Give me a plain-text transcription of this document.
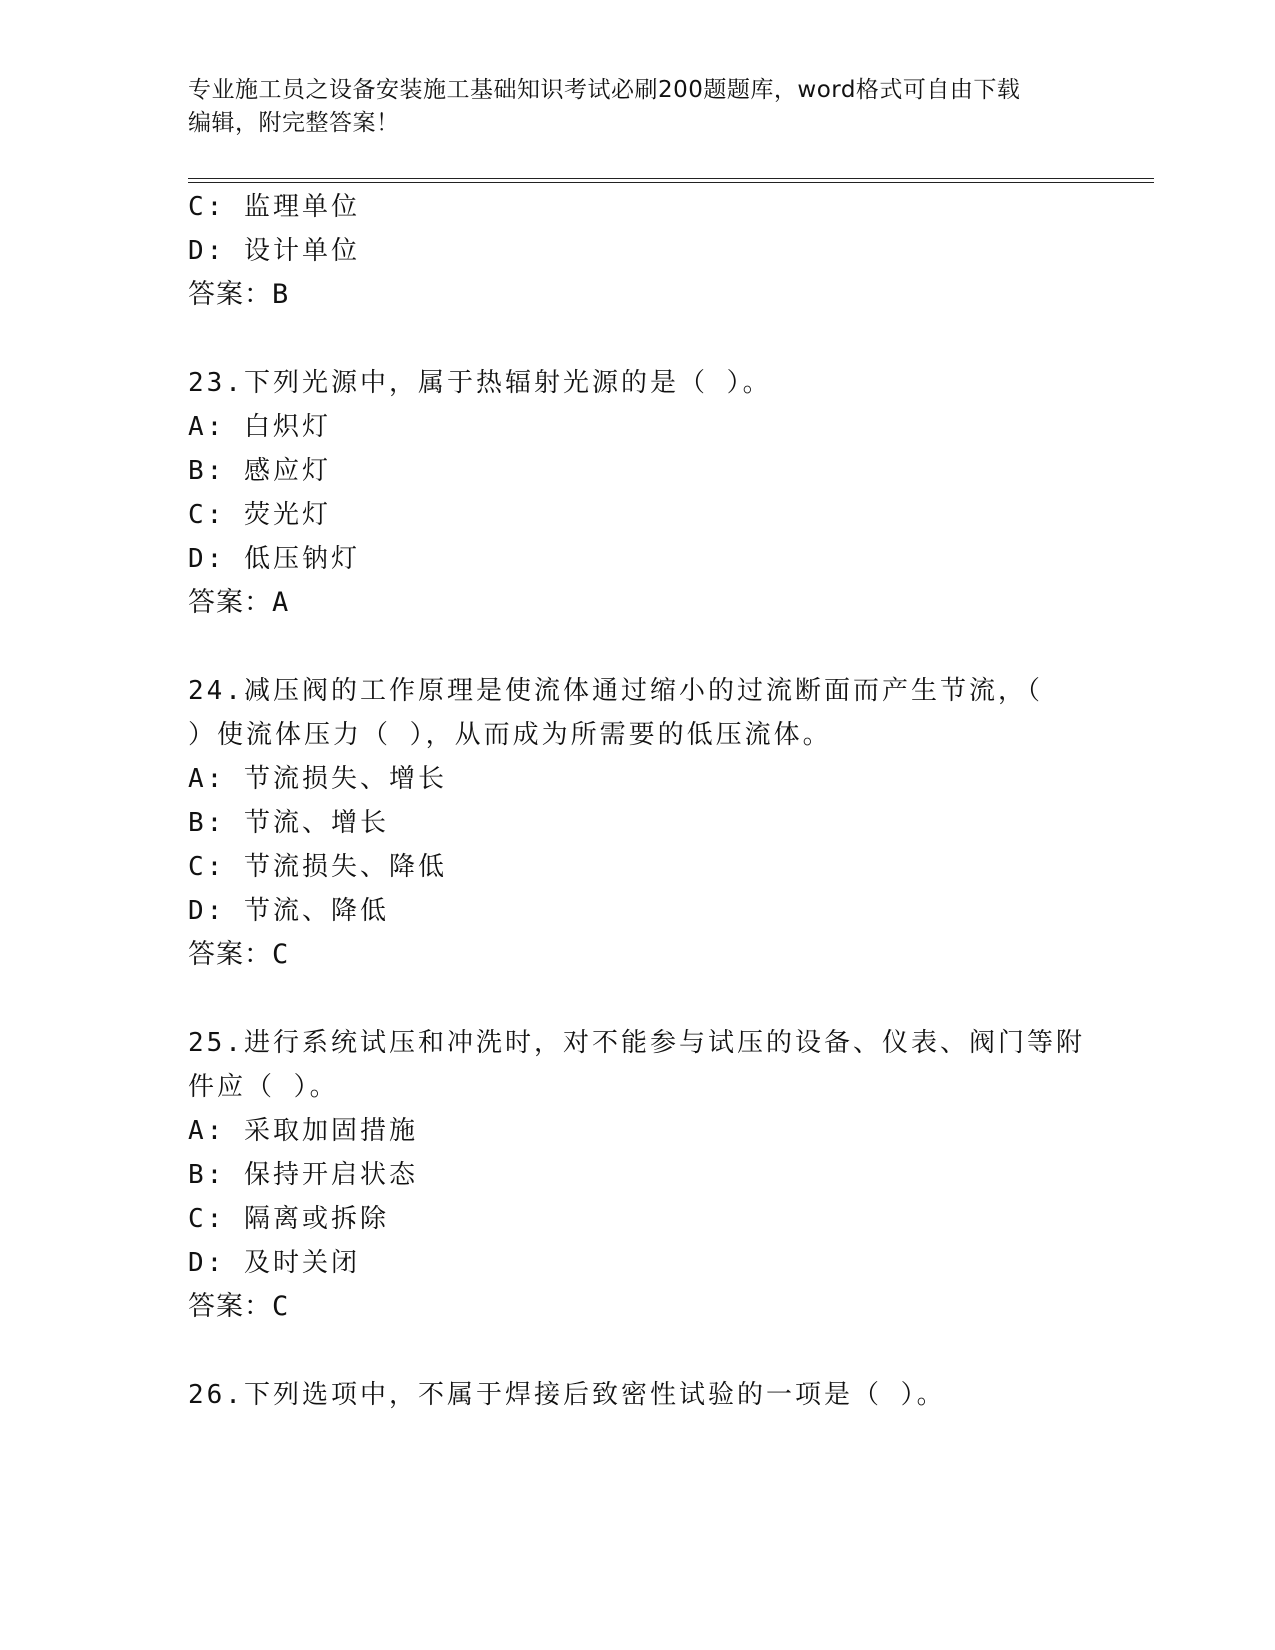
专业施工员之设备安装施工基础知识考试必刷200题题库，word格式可自由下载
编辑，附完整答案！
C: 监理单位
D: 设计单位
答案：B
23.下列光源中，属于热辐射光源的是（ ）。
A: 白炽灯
B: 感应灯
C: 荧光灯
D: 低压钠灯
答案：A
24.减压阀的工作原理是使流体通过缩小的过流断面而产生节流，（
）使流体压力（ ），从而成为所需要的低压流体。
A: 节流损失、增长
B: 节流、增长
C: 节流损失、降低
D: 节流、降低
答案：C
25.进行系统试压和冲洗时，对不能参与试压的设备、仪表、阀门等附
件应（ ）。
A: 采取加固措施
B: 保持开启状态
C: 隔离或拆除
D: 及时关闭
答案：C
26.下列选项中，不属于焊接后致密性试验的一项是（ ）。
